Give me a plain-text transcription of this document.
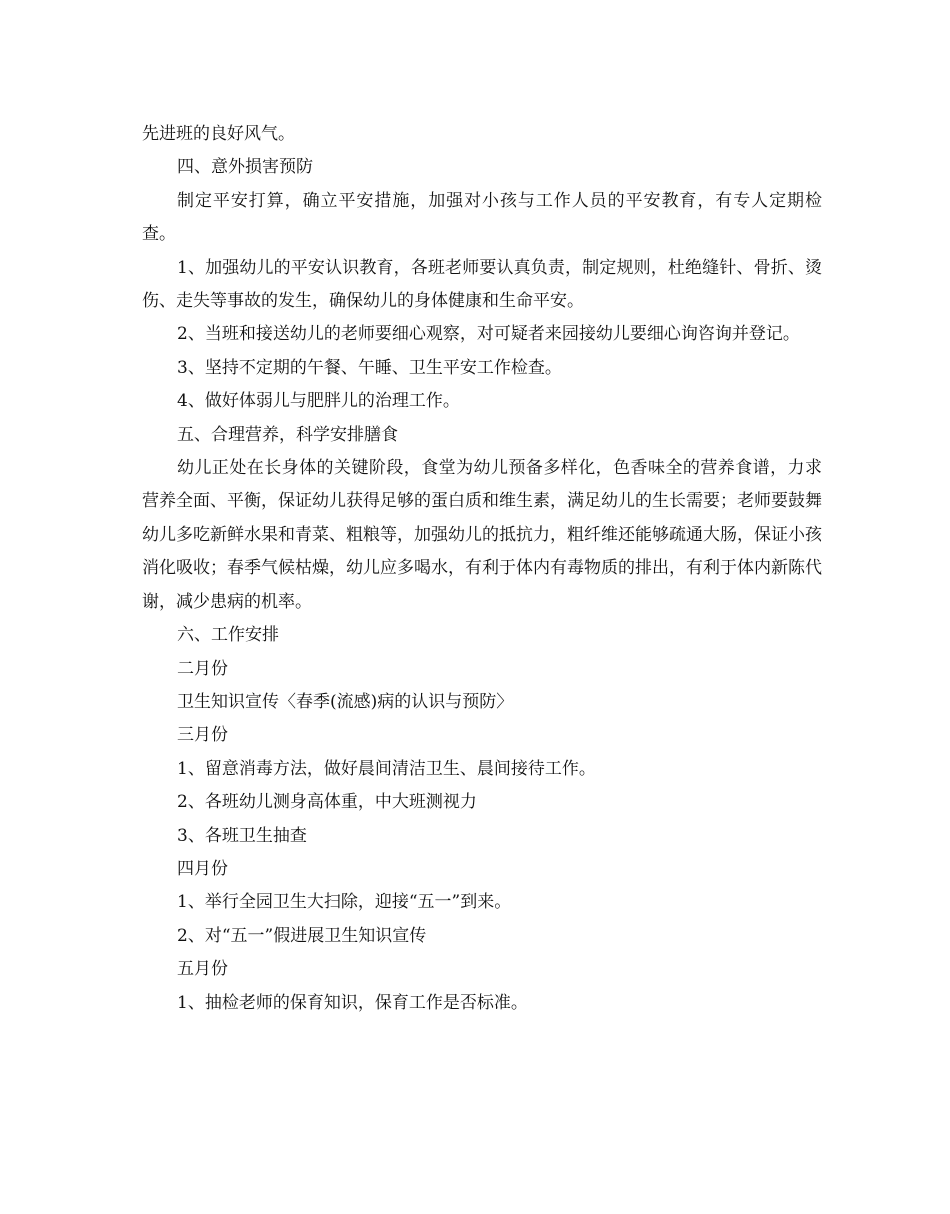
先进班的良好风气。

四、意外损害预防

制定平安打算，确立平安措施，加强对小孩与工作人员的平安教育，有专人定期检查。

1、加强幼儿的平安认识教育，各班老师要认真负责，制定规则，杜绝缝针、骨折、烫伤、走失等事故的发生，确保幼儿的身体健康和生命平安。

2、当班和接送幼儿的老师要细心观察，对可疑者来园接幼儿要细心询咨询并登记。

3、坚持不定期的午餐、午睡、卫生平安工作检查。

4、做好体弱儿与肥胖儿的治理工作。

五、合理营养，科学安排膳食

幼儿正处在长身体的关键阶段，食堂为幼儿预备多样化，色香味全的营养食谱，力求营养全面、平衡，保证幼儿获得足够的蛋白质和维生素，满足幼儿的生长需要；老师要鼓舞幼儿多吃新鲜水果和青菜、粗粮等，加强幼儿的抵抗力，粗纤维还能够疏通大肠，保证小孩消化吸收；春季气候枯燥，幼儿应多喝水，有利于体内有毒物质的排出，有利于体内新陈代谢，减少患病的机率。

六、工作安排

二月份

卫生知识宣传〈春季(流感)病的认识与预防〉

三月份

1、留意消毒方法，做好晨间清洁卫生、晨间接待工作。

2、各班幼儿测身高体重，中大班测视力

3、各班卫生抽查

四月份

1、举行全园卫生大扫除，迎接“五一”到来。

2、对“五一”假进展卫生知识宣传

五月份

1、抽检老师的保育知识，保育工作是否标准。
